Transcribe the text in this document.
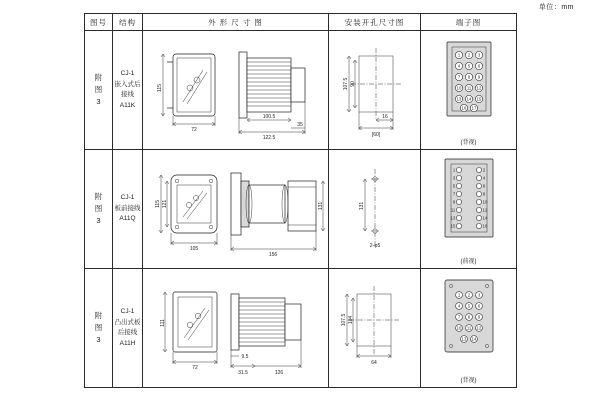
单位：mm
图号	结构	外 形 尺 寸 图	安装开孔尺寸图	端子图

附
图
3

CJ-1
嵌入式后接线
A11K

115
72
100.5
35
122.5

107.5 90
16
[60]

1 2 3
4 5 6
7 8 9
10 11 12
13 14 15
16 17
(背视)

附
图
3

CJ-1
板前接线
A11Q

115 121
105
131
156

131
2-φ5

1	2
3	4
5	6
7	8
9	10
11	12
13	14
15	16
(前视)

附
图
3

CJ-1
凸出式板后接线
A11H

111
72
9.5
31.5	126

107.5 104
64

1 2 3
4 5 6
7 8 9
10 11 12
13 14
(背视)
